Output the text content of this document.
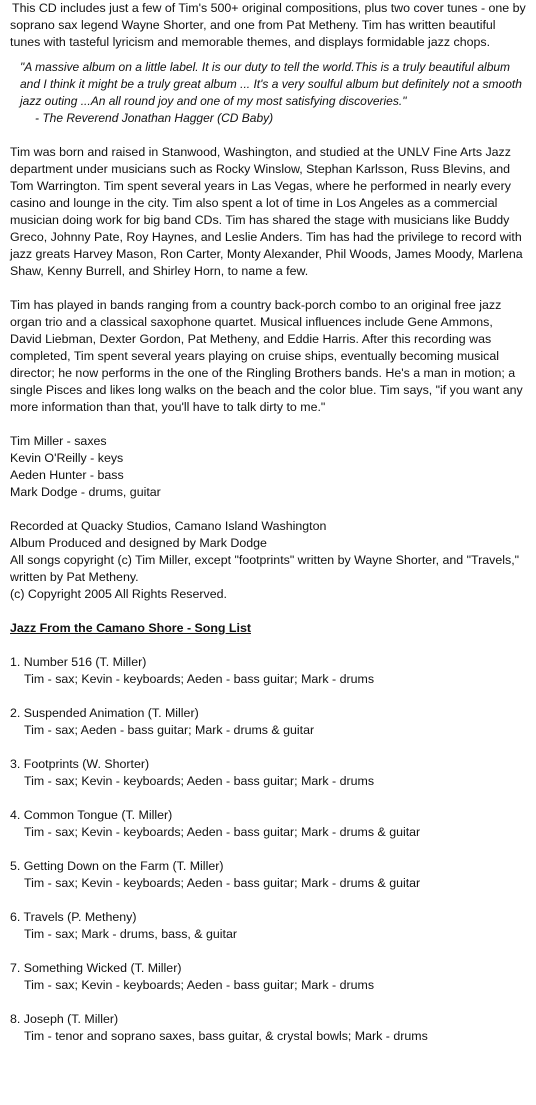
This CD includes just a few of Tim's 500+ original compositions, plus two cover tunes - one by soprano sax legend Wayne Shorter, and one from Pat Metheny. Tim has written beautiful tunes with tasteful lyricism and memorable themes, and displays formidable jazz chops.

"A massive album on a little label. It is our duty to tell the world.This is a truly beautiful album and I think it might be a truly great album ... It's a very soulful album but definitely not a smooth jazz outing ...An all round joy and one of my most satisfying discoveries."

- The Reverend Jonathan Hagger (CD Baby)

Tim was born and raised in Stanwood, Washington, and studied at the UNLV Fine Arts Jazz department under musicians such as Rocky Winslow, Stephan Karlsson, Russ Blevins, and Tom Warrington. Tim spent several years in Las Vegas, where he performed in nearly every casino and lounge in the city. Tim also spent a lot of time in Los Angeles as a commercial musician doing work for big band CDs. Tim has shared the stage with musicians like Buddy Greco, Johnny Pate, Roy Haynes, and Leslie Anders. Tim has had the privilege to record with jazz greats Harvey Mason, Ron Carter, Monty Alexander, Phil Woods, James Moody, Marlena Shaw, Kenny Burrell, and Shirley Horn, to name a few.

Tim has played in bands ranging from a country back-porch combo to an original free jazz organ trio and a classical saxophone quartet. Musical influences include Gene Ammons, David Liebman, Dexter Gordon, Pat Metheny, and Eddie Harris. After this recording was completed, Tim spent several years playing on cruise ships, eventually becoming musical director; he now performs in the one of the Ringling Brothers bands. He's a man in motion; a single Pisces and likes long walks on the beach and the color blue. Tim says, "if you want any more information than that, you'll have to talk dirty to me."

Tim Miller - saxes
Kevin O'Reilly - keys
Aeden Hunter - bass
Mark Dodge - drums, guitar

Recorded at Quacky Studios, Camano Island Washington

Album Produced and designed by Mark Dodge

All songs copyright (c) Tim Miller, except "footprints" written by Wayne Shorter, and "Travels," written by Pat Metheny.

(c) Copyright 2005 All Rights Reserved.

Jazz From the Camano Shore - Song List

1. Number 516 (T. Miller)
Tim - sax; Kevin - keyboards; Aeden - bass guitar; Mark - drums
2. Suspended Animation (T. Miller)
Tim - sax; Aeden - bass guitar; Mark - drums & guitar
3. Footprints (W. Shorter)
Tim - sax; Kevin - keyboards; Aeden - bass guitar; Mark - drums
4. Common Tongue (T. Miller)
Tim - sax; Kevin - keyboards; Aeden - bass guitar; Mark - drums & guitar
5. Getting Down on the Farm (T. Miller)
Tim - sax; Kevin - keyboards; Aeden - bass guitar; Mark - drums & guitar
6. Travels (P. Metheny)
Tim - sax; Mark - drums, bass, & guitar
7. Something Wicked (T. Miller)
Tim - sax; Kevin - keyboards; Aeden - bass guitar; Mark - drums
8. Joseph (T. Miller)
Tim - tenor and soprano saxes, bass guitar, & crystal bowls; Mark - drums
